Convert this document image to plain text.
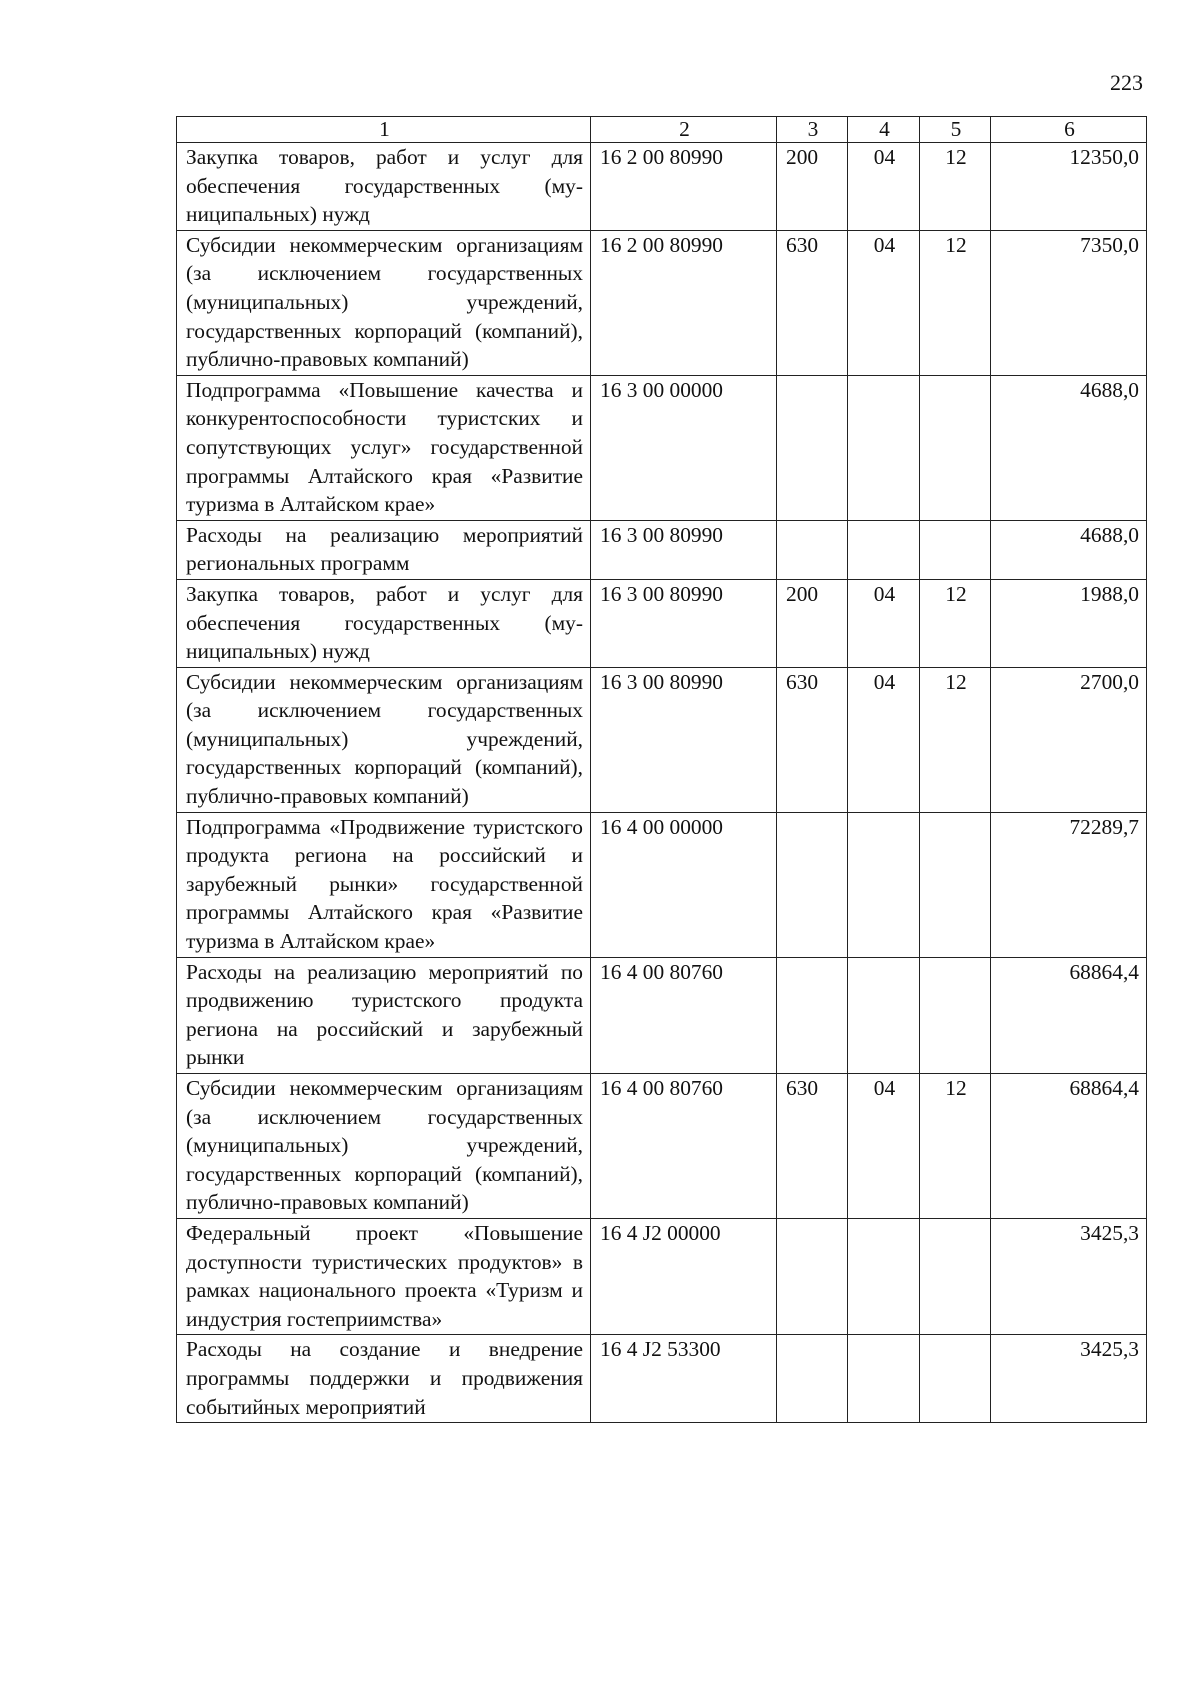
223
1	2	3	4	5	6
Закупка товаров, работ и услуг для обеспечения государственных (муниципальных) нужд	16 2 00 80990	200	04	12	12350,0
Субсидии некоммерческим организациям (за исключением государственных (муниципальных) учреждений, государственных корпораций (компаний), публично-правовых компаний)	16 2 00 80990	630	04	12	7350,0
Подпрограмма «Повышение качества и конкурентоспособности туристских и сопутствующих услуг» государственной программы Алтайского края «Развитие туризма в Алтайском крае»	16 3 00 00000				4688,0
Расходы на реализацию мероприятий региональных программ	16 3 00 80990				4688,0
Закупка товаров, работ и услуг для обеспечения государственных (муниципальных) нужд	16 3 00 80990	200	04	12	1988,0
Субсидии некоммерческим организациям (за исключением государственных (муниципальных) учреждений, государственных корпораций (компаний), публично-правовых компаний)	16 3 00 80990	630	04	12	2700,0
Подпрограмма «Продвижение туристского продукта региона на российский и зарубежный рынки» государственной программы Алтайского края «Развитие туризма в Алтайском крае»	16 4 00 00000				72289,7
Расходы на реализацию мероприятий по продвижению туристского продукта региона на российский и зарубежный рынки	16 4 00 80760				68864,4
Субсидии некоммерческим организациям (за исключением государственных (муниципальных) учреждений, государственных корпораций (компаний), публично-правовых компаний)	16 4 00 80760	630	04	12	68864,4
Федеральный проект «Повышение доступности туристических продуктов» в рамках национального проекта «Туризм и индустрия гостеприимства»	16 4 J2 00000				3425,3
Расходы на создание и внедрение программы поддержки и продвижения событийных мероприятий	16 4 J2 53300				3425,3
